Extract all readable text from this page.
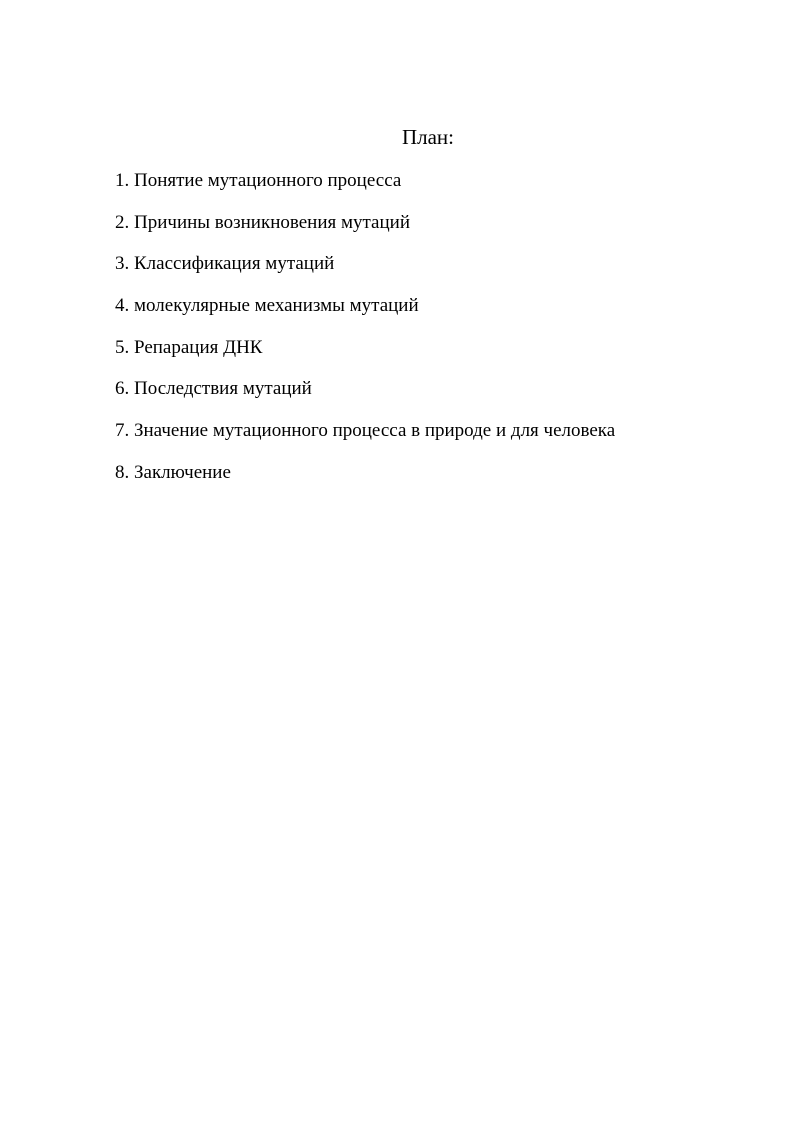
План:
1. Понятие мутационного процесса
2. Причины возникновения мутаций
3. Классификация мутаций
4. молекулярные механизмы мутаций
5. Репарация ДНК
6. Последствия мутаций
7. Значение мутационного процесса в природе и для человека
8. Заключение
